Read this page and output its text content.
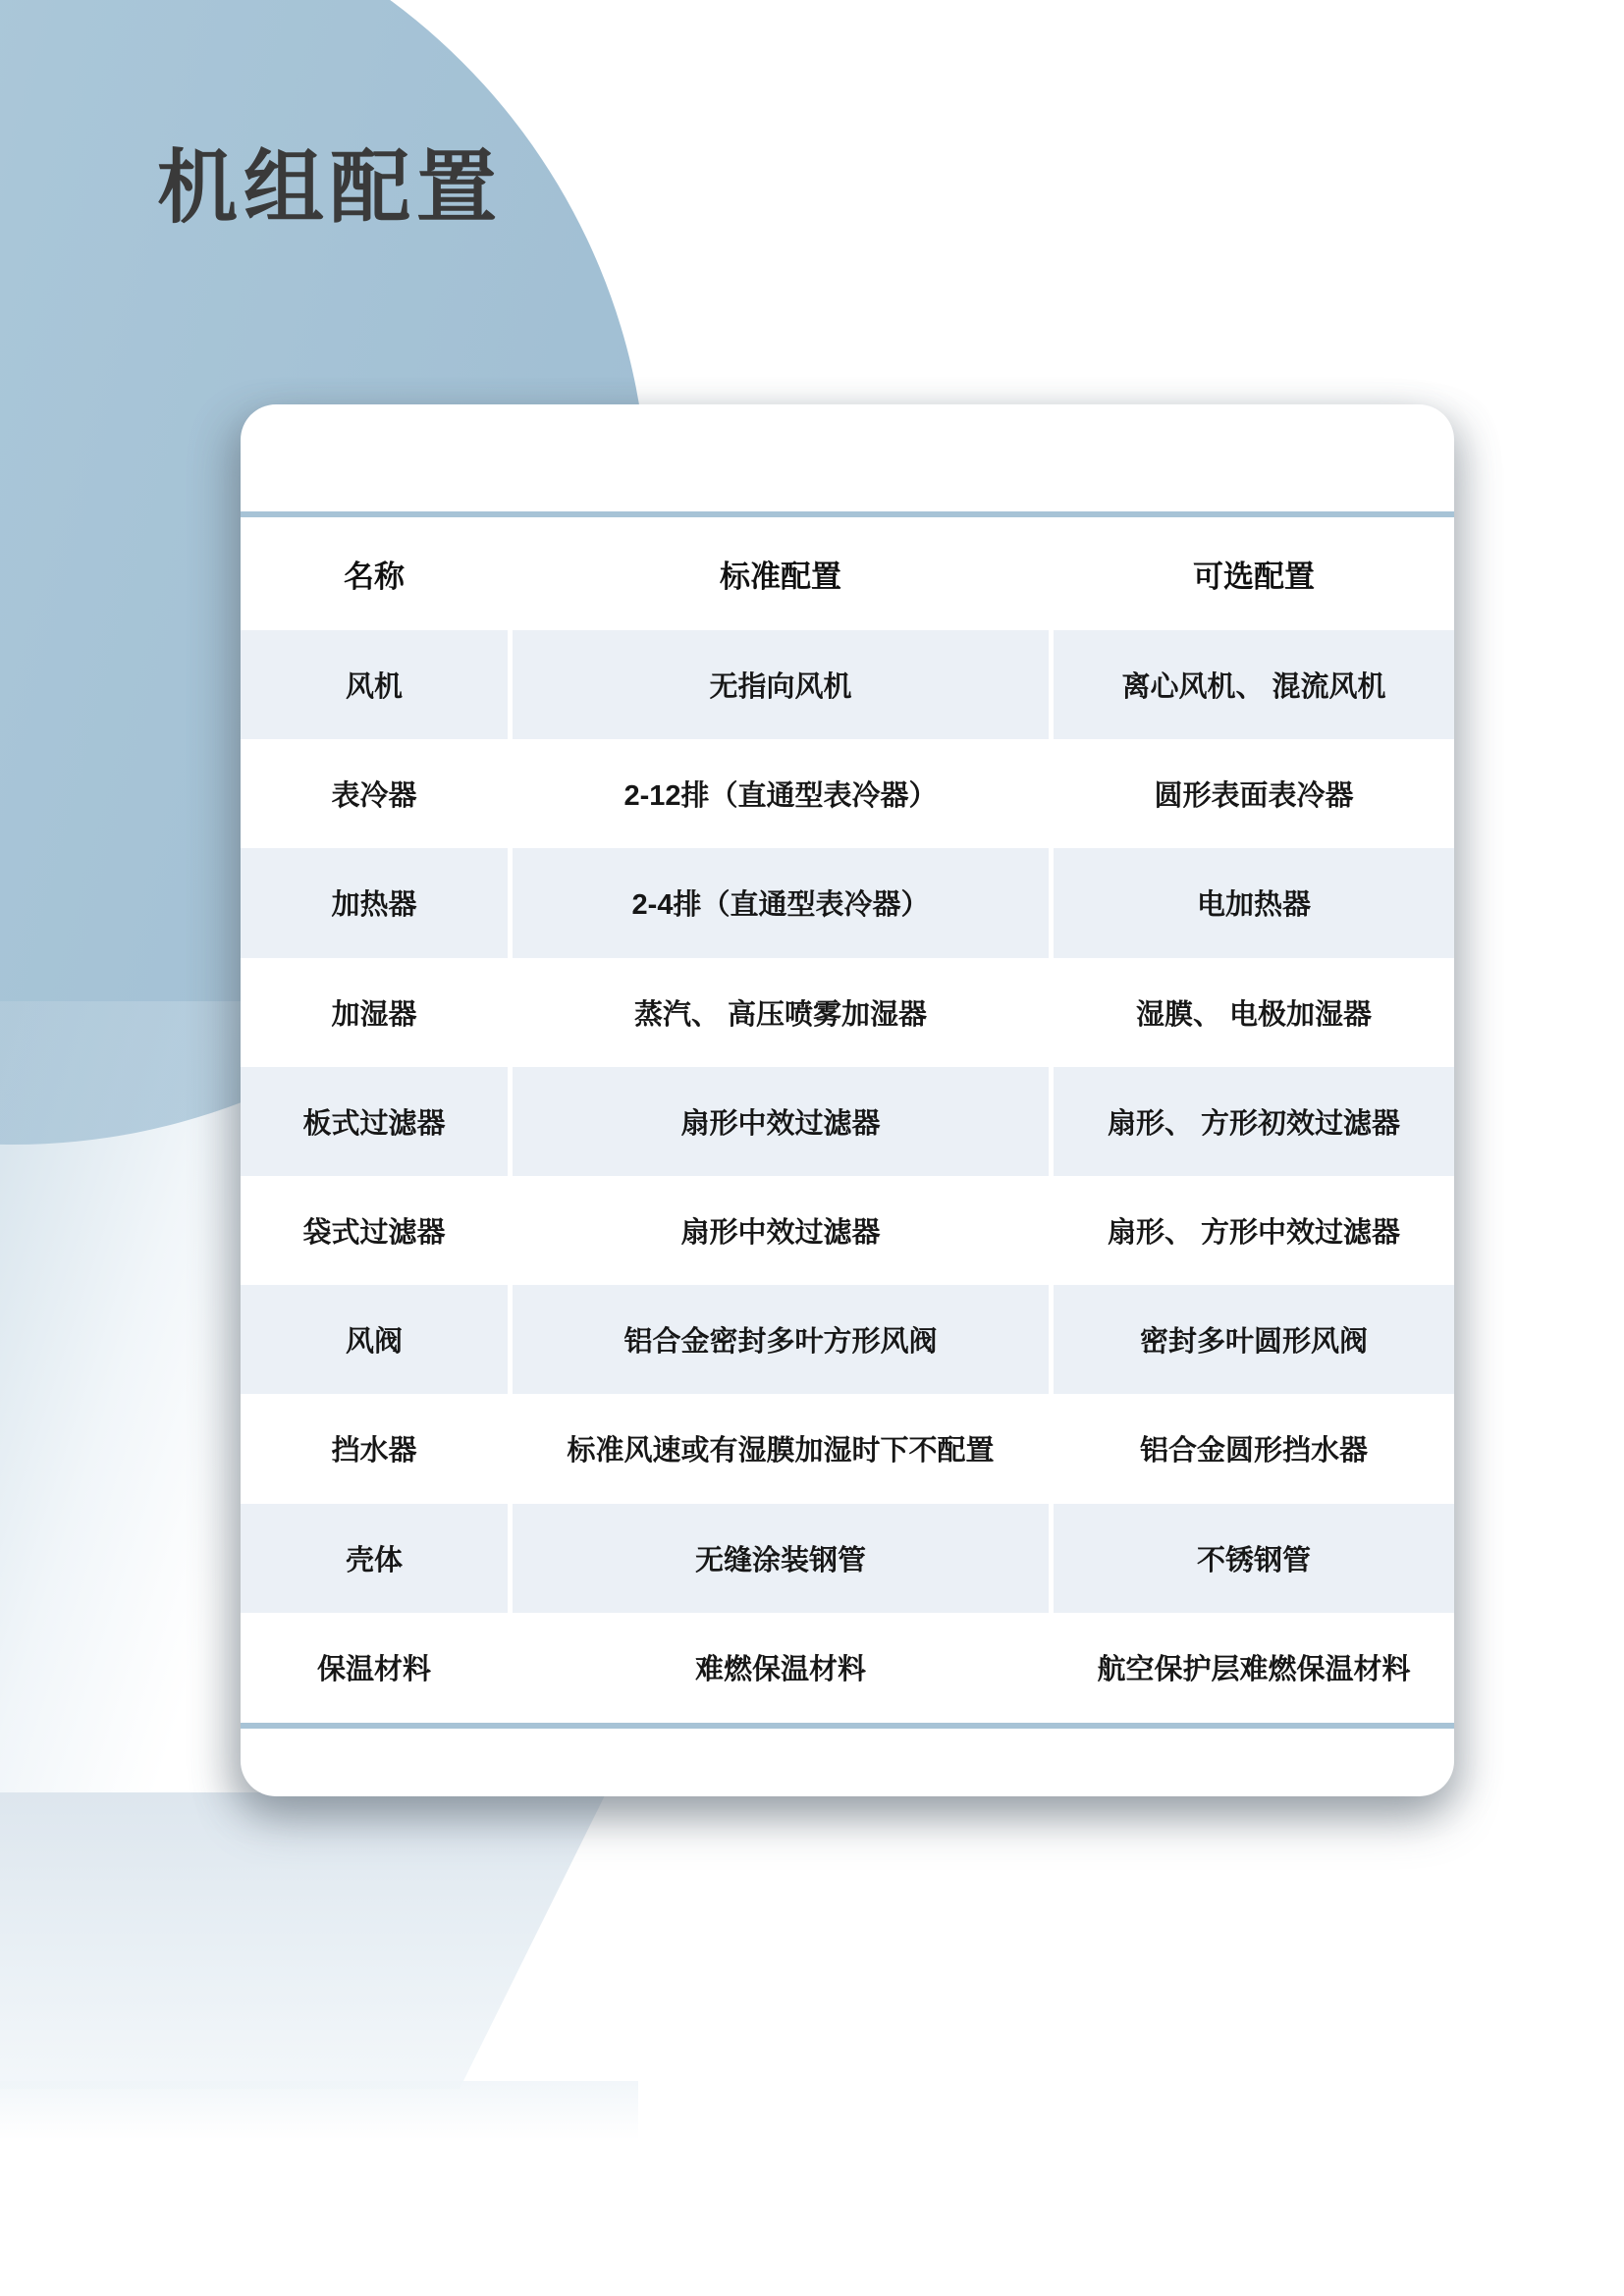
机组配置
名称	标准配置	可选配置
风机	无指向风机	离心风机、 混流风机
表冷器	2-12排（直通型表冷器）	圆形表面表冷器
加热器	2-4排（直通型表冷器）	电加热器
加湿器	蒸汽、 高压喷雾加湿器	湿膜、 电极加湿器
板式过滤器	扇形中效过滤器	扇形、 方形初效过滤器
袋式过滤器	扇形中效过滤器	扇形、 方形中效过滤器
风阀	铝合金密封多叶方形风阀	密封多叶圆形风阀
挡水器	标准风速或有湿膜加湿时下不配置	铝合金圆形挡水器
壳体	无缝涂装钢管	不锈钢管
保温材料	难燃保温材料	航空保护层难燃保温材料
